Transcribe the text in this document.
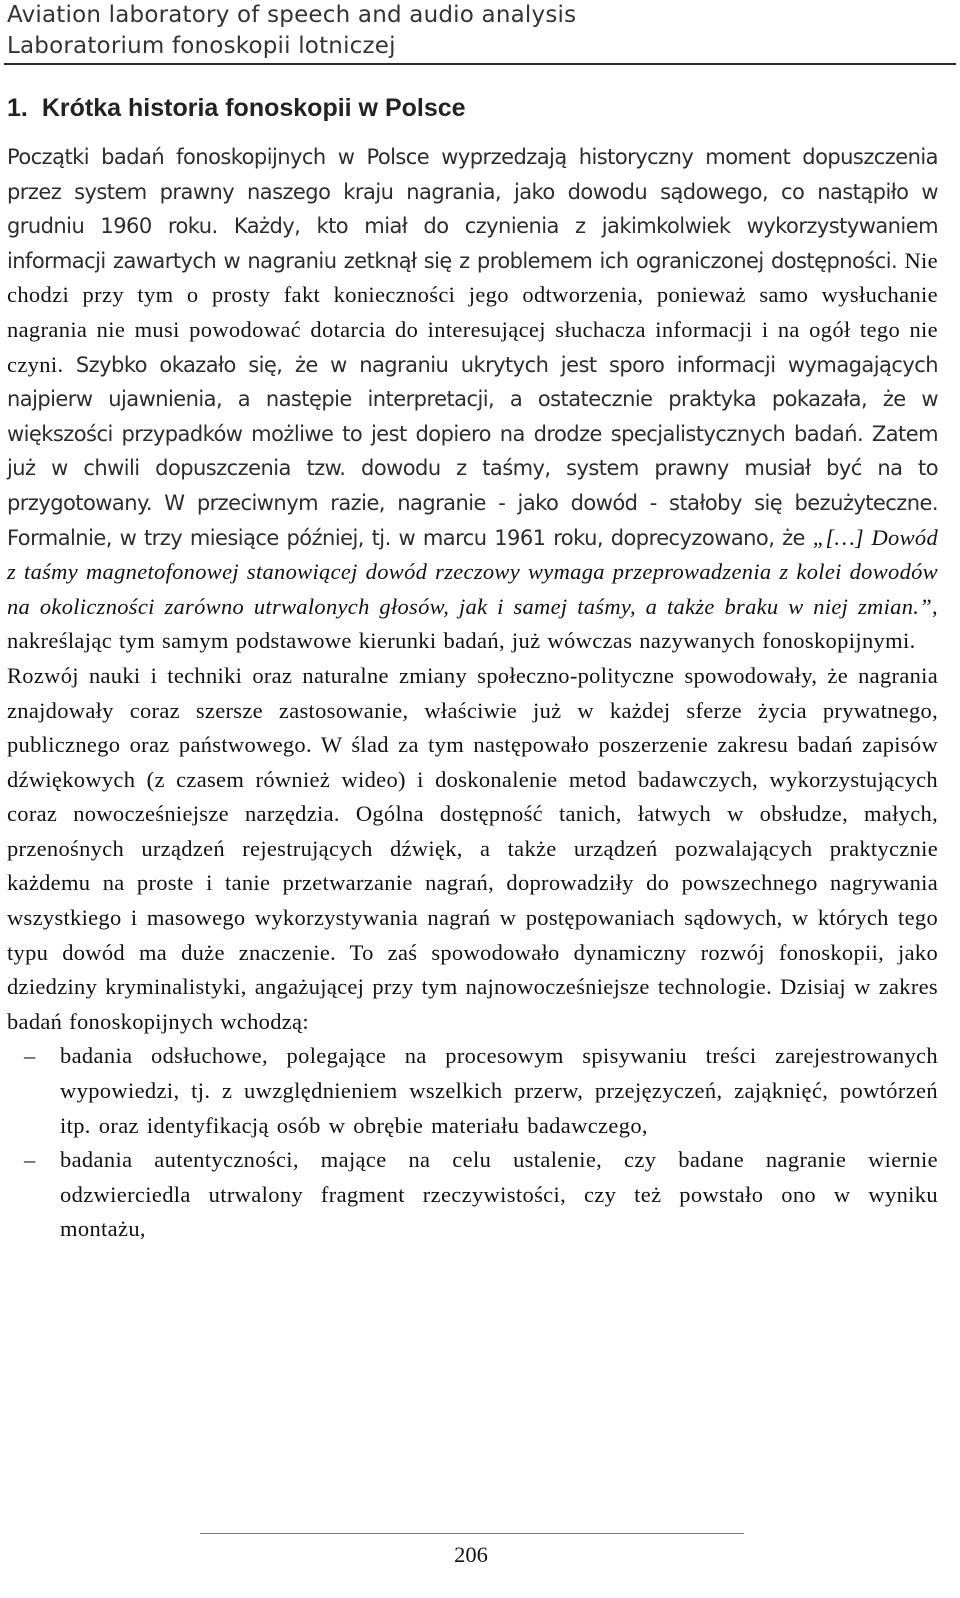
Aviation laboratory of speech and audio analysis
Laboratorium fonoskopii lotniczej
1. Krótka historia fonoskopii w Polsce

Początki badań fonoskopijnych w Polsce wyprzedzają historyczny moment dopuszczenia przez system prawny naszego kraju nagrania, jako dowodu sądowego, co nastąpiło w grudniu 1960 roku. Każdy, kto miał do czynienia z jakimkolwiek wykorzystywaniem informacji zawartych w nagraniu zetknął się z problemem ich ograniczonej dostępności. Nie chodzi przy tym o prosty fakt konieczności jego odtworzenia, ponieważ samo wysłuchanie nagrania nie musi powodować dotarcia do interesującej słuchacza informacji i na ogół tego nie czyni. Szybko okazało się, że w nagraniu ukrytych jest sporo informacji wymagających najpierw ujawnienia, a następie interpretacji, a ostatecznie praktyka pokazała, że w większości przypadków możliwe to jest dopiero na drodze specjalistycznych badań. Zatem już w chwili dopuszczenia tzw. dowodu z taśmy, system prawny musiał być na to przygotowany. W przeciwnym razie, nagranie - jako dowód - stałoby się bezużyteczne. Formalnie, w trzy miesiące później, tj. w marcu 1961 roku, doprecyzowano, że „[…] Dowód z taśmy magnetofonowej stanowiącej dowód rzeczowy wymaga przeprowadzenia z kolei dowodów na okoliczności zarówno utrwalonych głosów, jak i samej taśmy, a także braku w niej zmian.”, nakreślając tym samym podstawowe kierunki badań, już wówczas nazywanych fonoskopijnymi.

Rozwój nauki i techniki oraz naturalne zmiany społeczno-polityczne spowodowały, że nagrania znajdowały coraz szersze zastosowanie, właściwie już w każdej sferze życia prywatnego, publicznego oraz państwowego. W ślad za tym następowało poszerzenie zakresu badań zapisów dźwiękowych (z czasem również wideo) i doskonalenie metod badawczych, wykorzystujących coraz nowocześniejsze narzędzia. Ogólna dostępność tanich, łatwych w obsłudze, małych, przenośnych urządzeń rejestrujących dźwięk, a także urządzeń pozwalających praktycznie każdemu na proste i tanie przetwarzanie nagrań, doprowadziły do powszechnego nagrywania wszystkiego i masowego wykorzystywania nagrań w postępowaniach sądowych, w których tego typu dowód ma duże znaczenie. To zaś spowodowało dynamiczny rozwój fonoskopii, jako dziedziny kryminalistyki, angażującej przy tym najnowocześniejsze technologie. Dzisiaj w zakres badań fonoskopijnych wchodzą:

– badania odsłuchowe, polegające na procesowym spisywaniu treści zarejestrowanych wypowiedzi, tj. z uwzględnieniem wszelkich przerw, przejęzyczeń, zająknięć, powtórzeń itp. oraz identyfikacją osób w obrębie materiału badawczego,
– badania autentyczności, mające na celu ustalenie, czy badane nagranie wiernie odzwierciedla utrwalony fragment rzeczywistości, czy też powstało ono w wyniku montażu,
206
